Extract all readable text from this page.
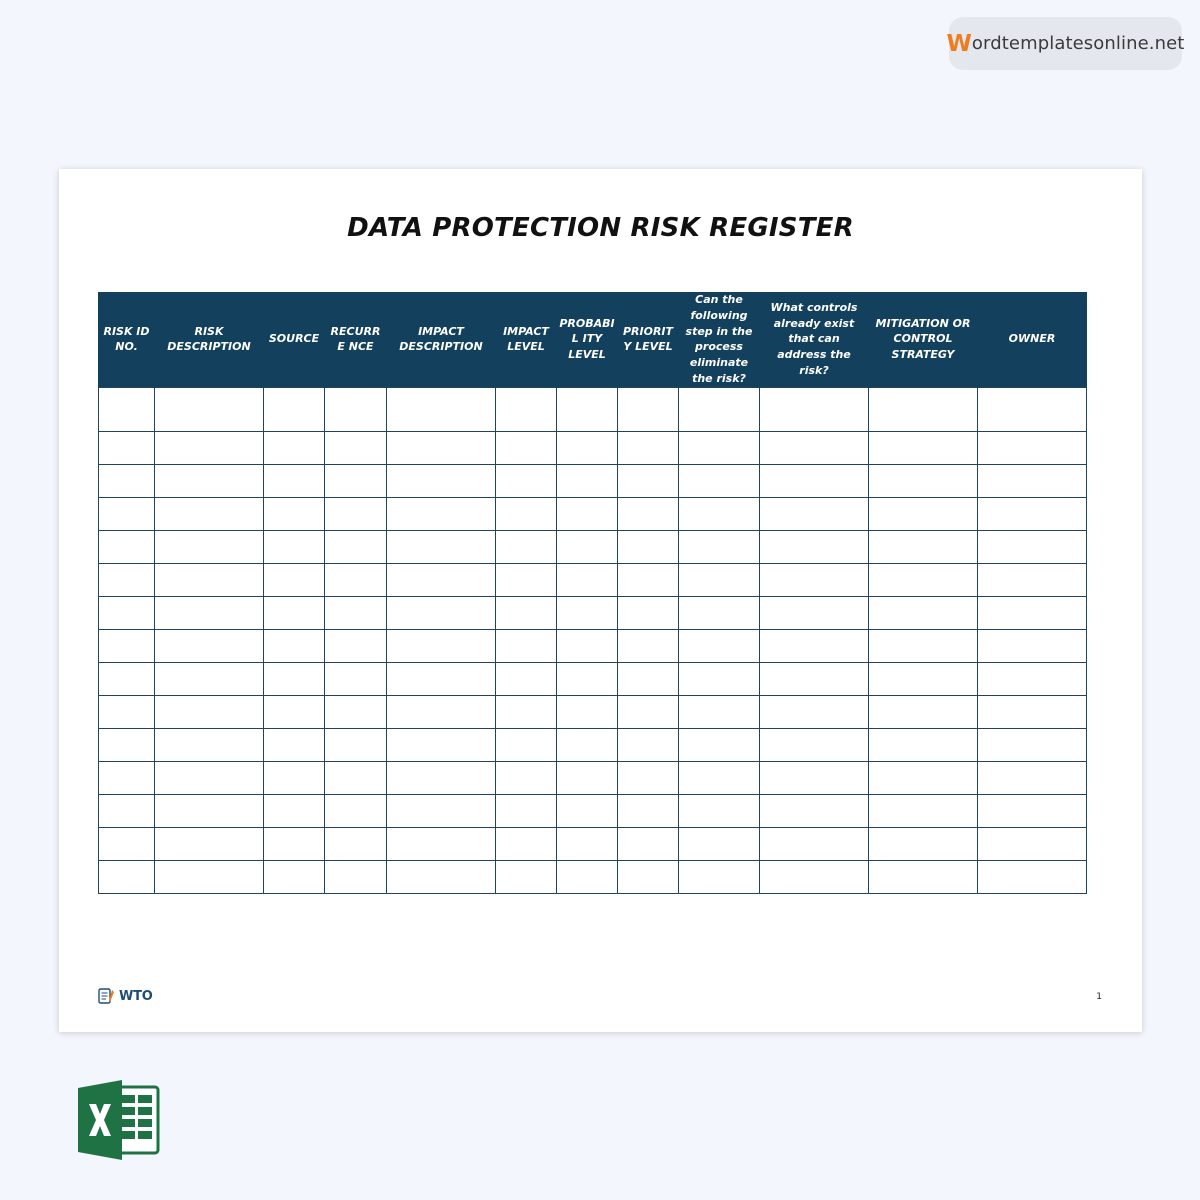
W ordtemplatesonline.net
DATA PROTECTION RISK REGISTER
RISK ID NO.	RISK DESCRIPTION	SOURCE	RECURRE NCE	IMPACT DESCRIPTION	IMPACT LEVEL	PROBABIL ITY LEVEL	PRIORITY LEVEL	Can the following step in the process eliminate the risk?	What controls already exist that can address the risk?	MITIGATION OR CONTROL STRATEGY	OWNER

WTO	1
